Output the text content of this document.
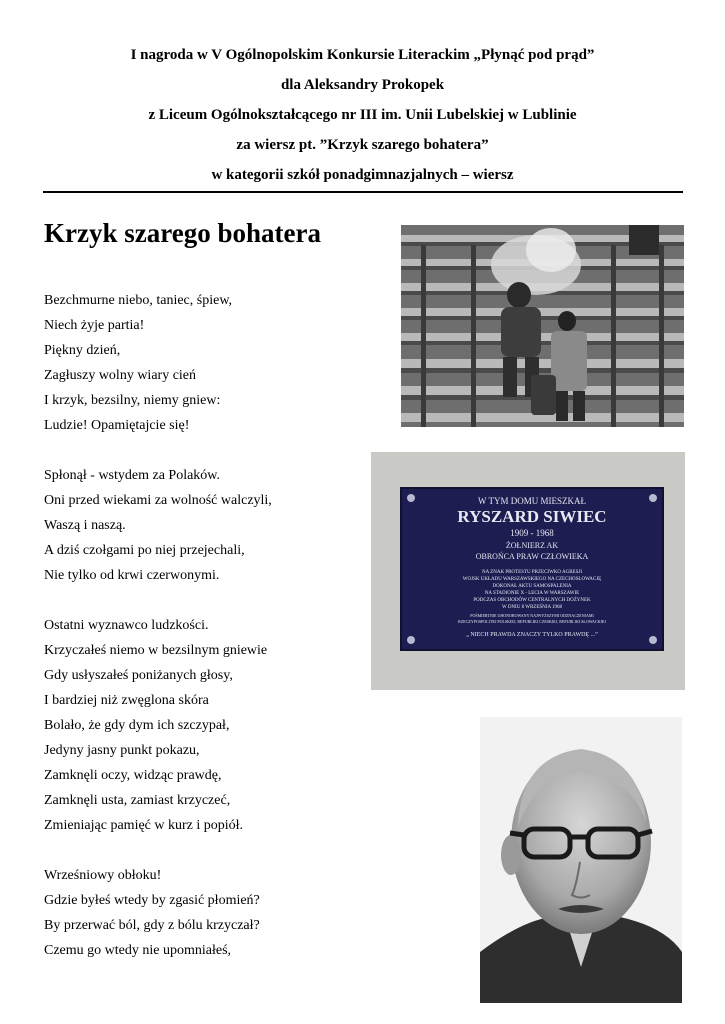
I nagroda w V Ogólnopolskim Konkursie Literackim „Płynąć pod prąd”
dla Aleksandry Prokopek
z Liceum Ogólnokształcącego nr III im. Unii Lubelskiej w Lublinie
za wiersz pt. ”Krzyk szarego bohatera”
w kategorii szkół ponadgimnazjalnych – wiersz
Krzyk szarego bohatera
Bezchmurne niebo, taniec, śpiew,
Niech żyje partia!
Piękny dzień,
Zagłuszy wolny wiary cień
I krzyk, bezsilny, niemy gniew:
Ludzie! Opamiętajcie się!
Spłonął - wstydem za Polaków.
Oni przed wiekami za wolność walczyli,
Waszą i naszą.
A dziś czołgami po niej przejechali,
Nie tylko od krwi czerwonymi.
Ostatni wyznawco ludzkości.
Krzyczałeś niemo w bezsilnym gniewie
Gdy usłyszałeś poniżanych głosy,
I bardziej niż zwęglona skóra
Bolało, że gdy dym ich szczypał,
Jedyny jasny punkt pokazu,
Zamknęli oczy, widząc prawdę,
Zamknęli usta, zamiast krzyczeć,
Zmieniając pamięć w kurz i popiół.
Wrześniowy obłoku!
Gdzie byłeś wtedy by zgasić płomień?
By przerwać ból, gdy z bólu krzyczał?
Czemu go wtedy nie upomniałeś,
W TYM DOMU MIESZKAŁ
RYSZARD SIWIEC
1909 - 1968
ŻOŁNIERZ AK
OBROŃCA PRAW CZŁOWIEKA
NA ZNAK PROTESTU PRZECIWKO AGRESJI
WOJSK UKŁADU WARSZAWSKIEGO NA CZECHOSŁOWACJĘ
DOKONAŁ AKTU SAMOSPALENIA
NA STADIONIE X - LECIA W WARSZAWIE
PODCZAS OBCHODÓW CENTRALNYCH DOŻYNEK
W DNIU 8 WRZEŚNIA 1968
POŚMIERTNIE UHONOROWANY NAJWYŻSZYMI ODZNACZENIAMI
RZECZYPOSPOLITEJ POLSKIEJ, REPUBLIKI CZESKIEJ, REPUBLIKI SŁOWACKIEJ
„ NIECH PRAWDA ZNACZY TYLKO PRAWDĘ ...”
